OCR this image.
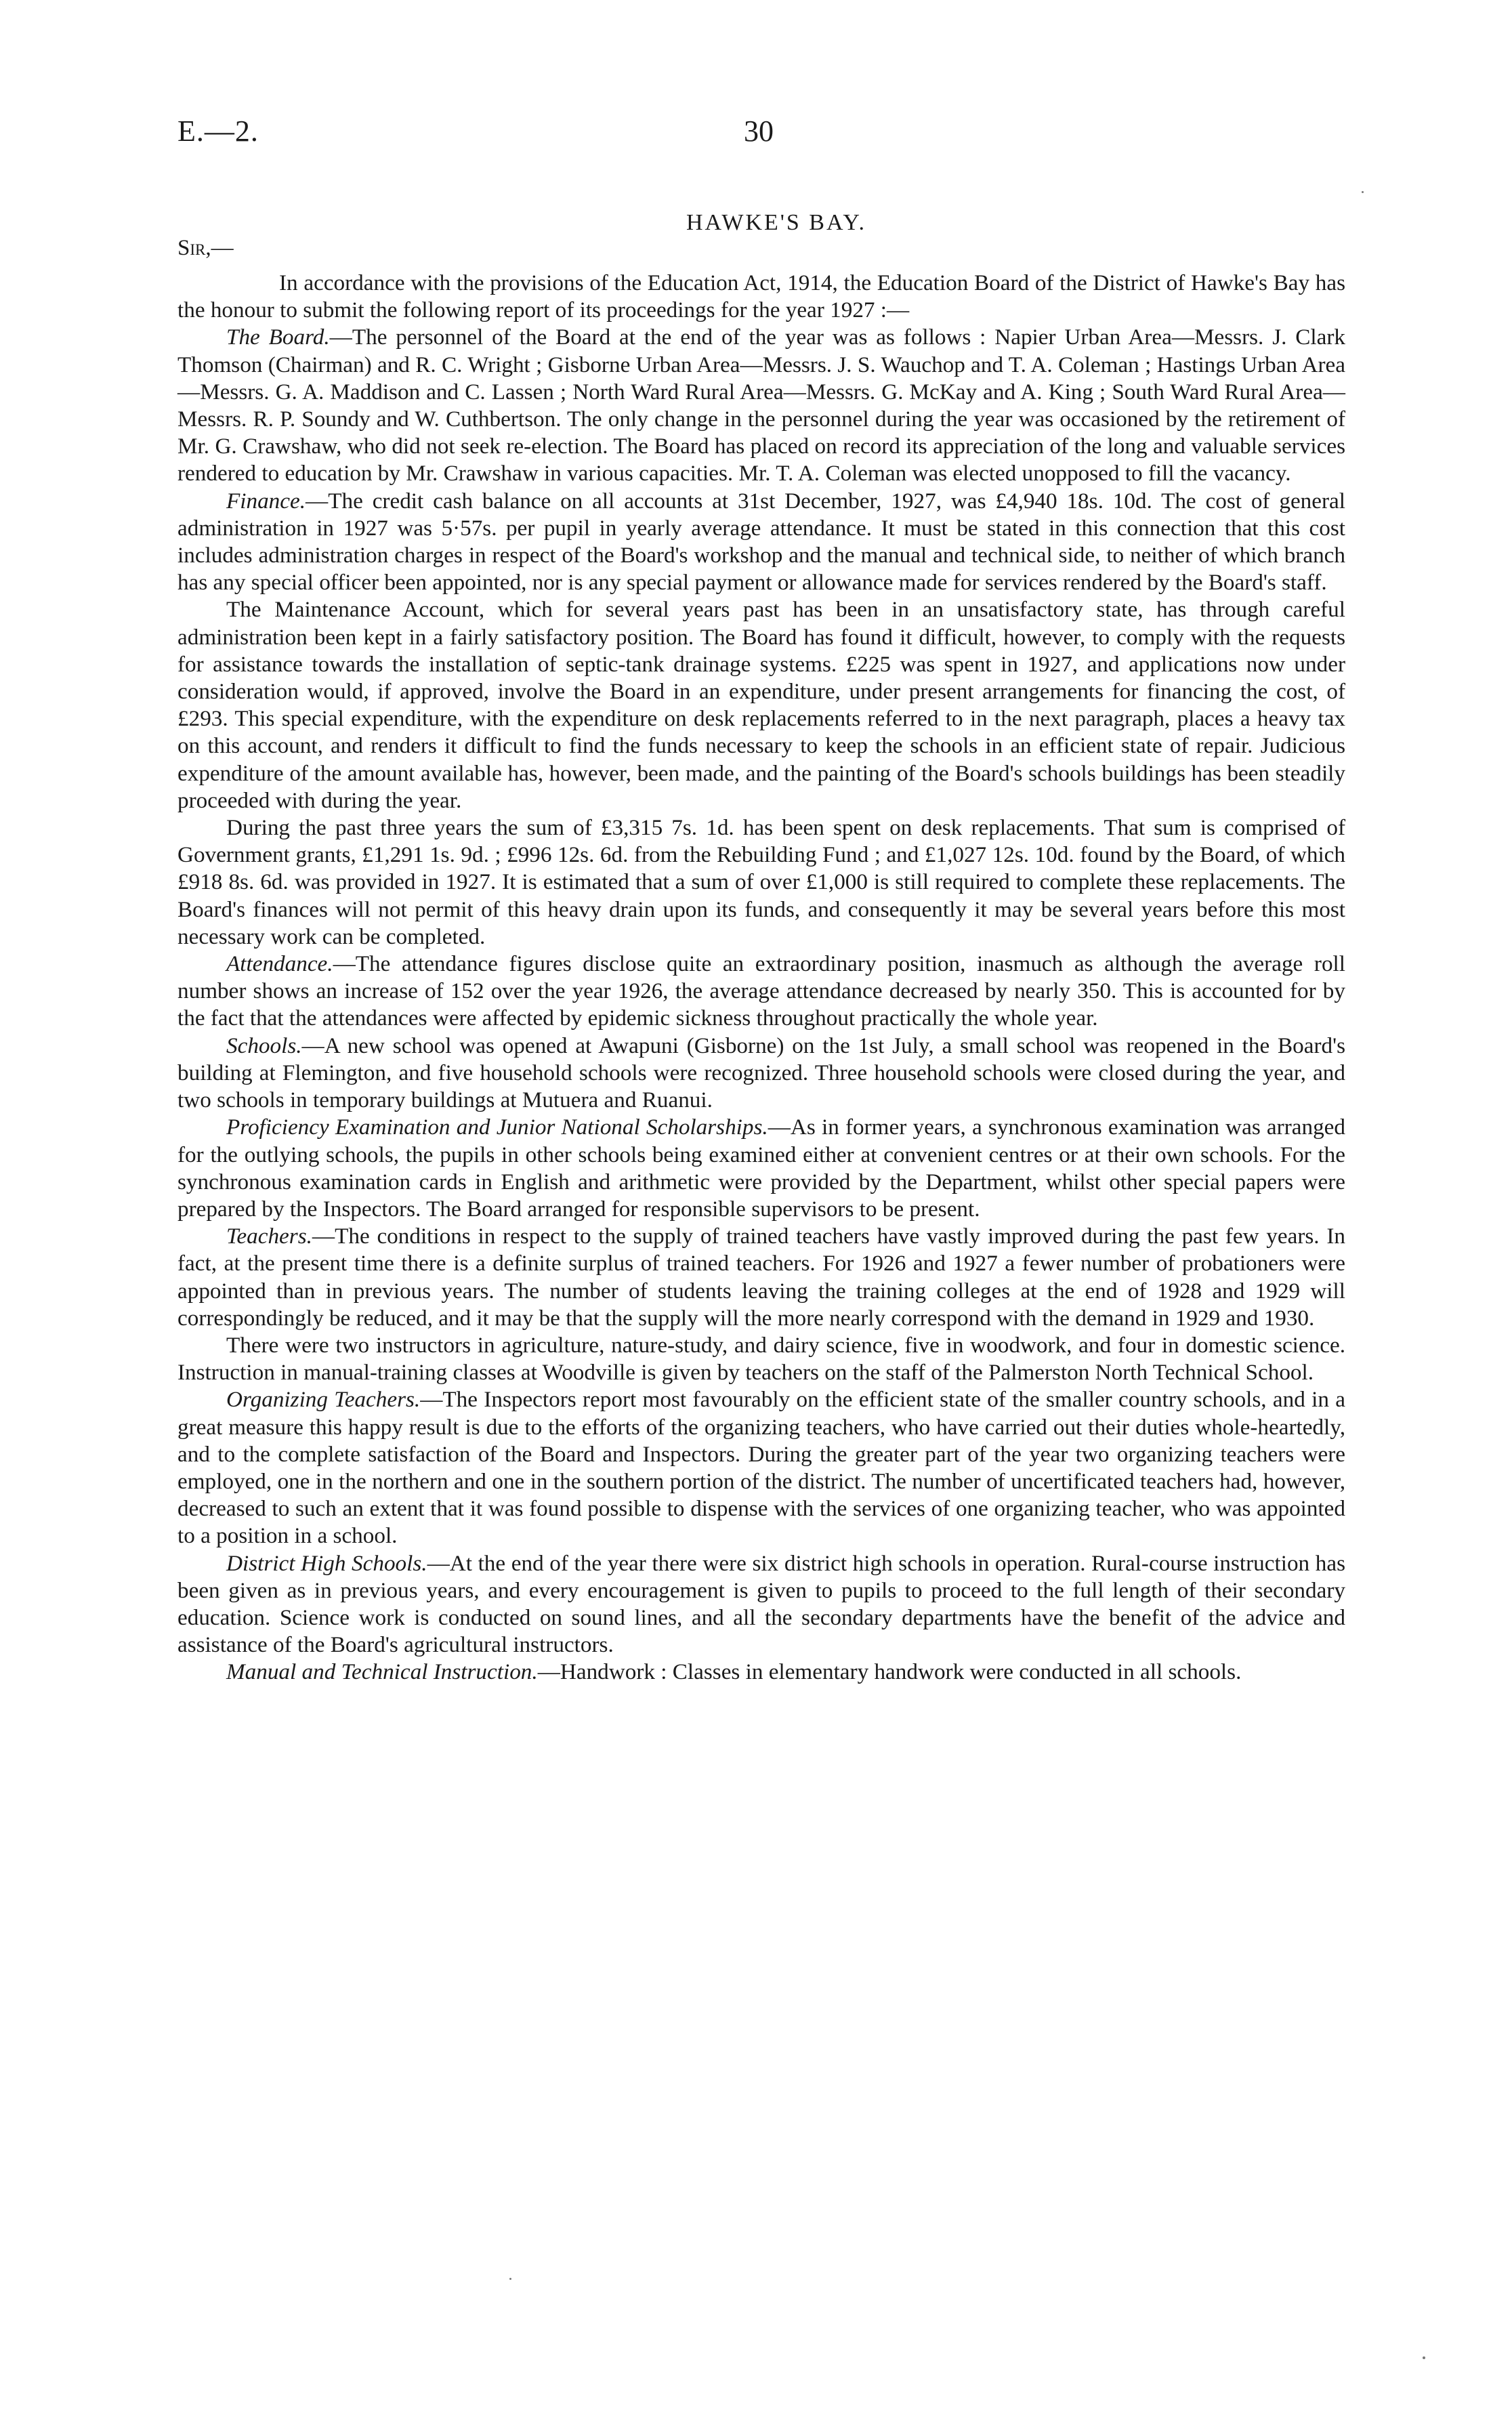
E.—2.	30
HAWKE'S BAY.
Sir,—

In accordance with the provisions of the Education Act, 1914, the Education Board of the District of Hawke's Bay has the honour to submit the following report of its proceedings for the year 1927 :—

The Board.—The personnel of the Board at the end of the year was as follows : Napier Urban Area—Messrs. J. Clark Thomson (Chairman) and R. C. Wright ; Gisborne Urban Area—Messrs. J. S. Wauchop and T. A. Coleman ; Hastings Urban Area—Messrs. G. A. Maddison and C. Lassen ; North Ward Rural Area—Messrs. G. McKay and A. King ; South Ward Rural Area—Messrs. R. P. Soundy and W. Cuthbertson. The only change in the personnel during the year was occasioned by the retirement of Mr. G. Crawshaw, who did not seek re-election. The Board has placed on record its appreciation of the long and valuable services rendered to education by Mr. Crawshaw in various capacities. Mr. T. A. Coleman was elected unopposed to fill the vacancy.

Finance.—The credit cash balance on all accounts at 31st December, 1927, was £4,940 18s. 10d. The cost of general administration in 1927 was 5·57s. per pupil in yearly average attendance. It must be stated in this connection that this cost includes administration charges in respect of the Board's workshop and the manual and technical side, to neither of which branch has any special officer been appointed, nor is any special payment or allowance made for services rendered by the Board's staff.

The Maintenance Account, which for several years past has been in an unsatisfactory state, has through careful administration been kept in a fairly satisfactory position. The Board has found it difficult, however, to comply with the requests for assistance towards the installation of septic-tank drainage systems. £225 was spent in 1927, and applications now under consideration would, if approved, involve the Board in an expenditure, under present arrangements for financing the cost, of £293. This special expenditure, with the expenditure on desk replacements referred to in the next paragraph, places a heavy tax on this account, and renders it difficult to find the funds necessary to keep the schools in an efficient state of repair. Judicious expenditure of the amount available has, however, been made, and the painting of the Board's schools buildings has been steadily proceeded with during the year.

During the past three years the sum of £3,315 7s. 1d. has been spent on desk replacements. That sum is comprised of Government grants, £1,291 1s. 9d. ; £996 12s. 6d. from the Rebuilding Fund ; and £1,027 12s. 10d. found by the Board, of which £918 8s. 6d. was provided in 1927. It is estimated that a sum of over £1,000 is still required to complete these replacements. The Board's finances will not permit of this heavy drain upon its funds, and consequently it may be several years before this most necessary work can be completed.

Attendance.—The attendance figures disclose quite an extraordinary position, inasmuch as although the average roll number shows an increase of 152 over the year 1926, the average attendance decreased by nearly 350. This is accounted for by the fact that the attendances were affected by epidemic sickness throughout practically the whole year.

Schools.—A new school was opened at Awapuni (Gisborne) on the 1st July, a small school was reopened in the Board's building at Flemington, and five household schools were recognized. Three household schools were closed during the year, and two schools in temporary buildings at Mutuera and Ruanui.

Proficiency Examination and Junior National Scholarships.—As in former years, a synchronous examination was arranged for the outlying schools, the pupils in other schools being examined either at convenient centres or at their own schools. For the synchronous examination cards in English and arithmetic were provided by the Department, whilst other special papers were prepared by the Inspectors. The Board arranged for responsible supervisors to be present.

Teachers.—The conditions in respect to the supply of trained teachers have vastly improved during the past few years. In fact, at the present time there is a definite surplus of trained teachers. For 1926 and 1927 a fewer number of probationers were appointed than in previous years. The number of students leaving the training colleges at the end of 1928 and 1929 will correspondingly be reduced, and it may be that the supply will the more nearly correspond with the demand in 1929 and 1930.

There were two instructors in agriculture, nature-study, and dairy science, five in woodwork, and four in domestic science. Instruction in manual-training classes at Woodville is given by teachers on the staff of the Palmerston North Technical School.

Organizing Teachers.—The Inspectors report most favourably on the efficient state of the smaller country schools, and in a great measure this happy result is due to the efforts of the organizing teachers, who have carried out their duties whole-heartedly, and to the complete satisfaction of the Board and Inspectors. During the greater part of the year two organizing teachers were employed, one in the northern and one in the southern portion of the district. The number of uncertificated teachers had, however, decreased to such an extent that it was found possible to dispense with the services of one organizing teacher, who was appointed to a position in a school.

District High Schools.—At the end of the year there were six district high schools in operation. Rural-course instruction has been given as in previous years, and every encouragement is given to pupils to proceed to the full length of their secondary education. Science work is conducted on sound lines, and all the secondary departments have the benefit of the advice and assistance of the Board's agricultural instructors.

Manual and Technical Instruction.—Handwork : Classes in elementary handwork were conducted in all schools.
